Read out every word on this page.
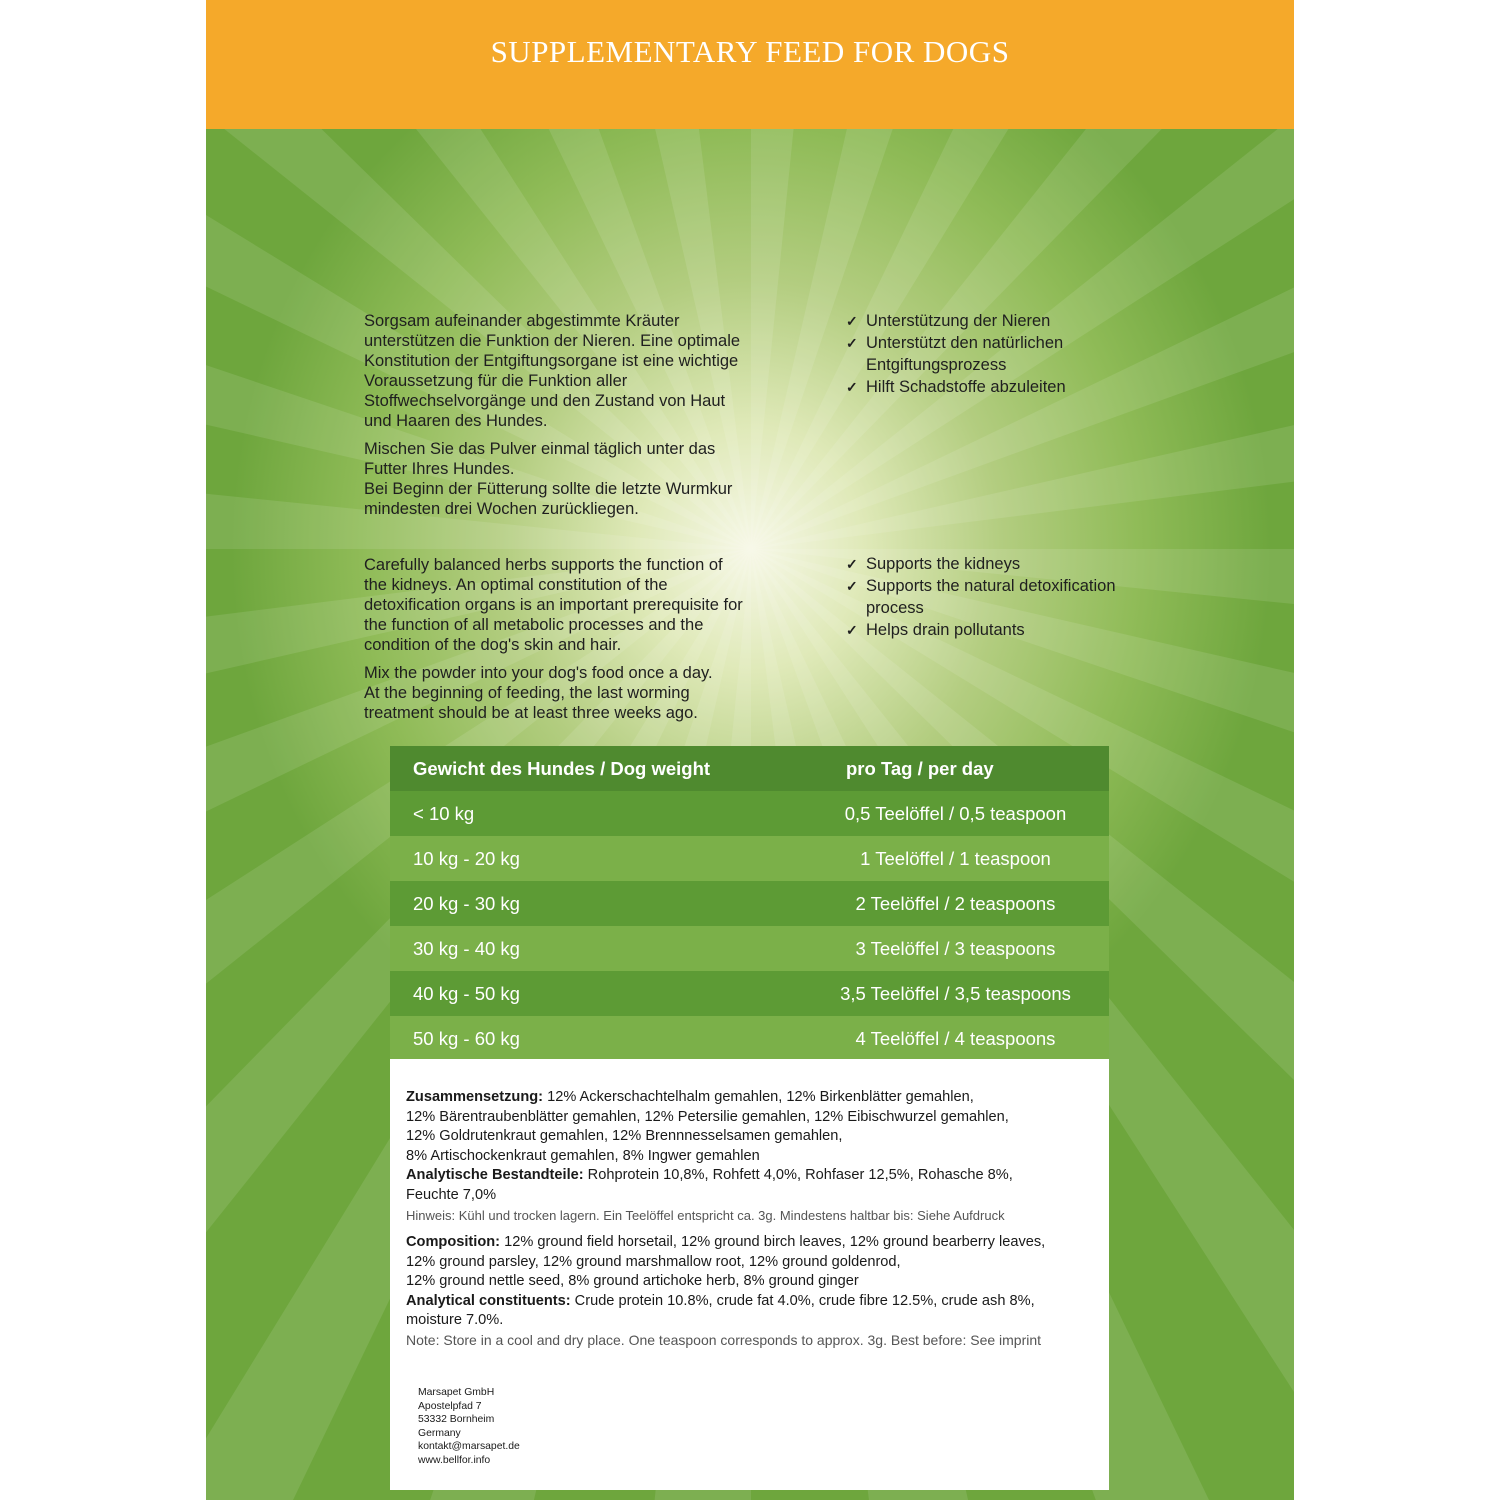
SUPPLEMENTARY FEED FOR DOGS

Sorgsam aufeinander abgestimmte Kräuter
unterstützen die Funktion der Nieren. Eine optimale
Konstitution der Entgiftungsorgane ist eine wichtige
Voraussetzung für die Funktion aller
Stoffwechselvorgänge und den Zustand von Haut
und Haaren des Hundes.

Mischen Sie das Pulver einmal täglich unter das
Futter Ihres Hundes.
Bei Beginn der Fütterung sollte die letzte Wurmkur
mindesten drei Wochen zurückliegen.

✓ Unterstützung der Nieren
✓ Unterstützt den natürlichen
Entgiftungsprozess
✓ Hilft Schadstoffe abzuleiten

Carefully balanced herbs supports the function of
the kidneys. An optimal constitution of the
detoxification organs is an important prerequisite for
the function of all metabolic processes and the
condition of the dog's skin and hair.

Mix the powder into your dog's food once a day.
At the beginning of feeding, the last worming
treatment should be at least three weeks ago.

✓ Supports the kidneys
✓ Supports the natural detoxification
process
✓ Helps drain pollutants
Gewicht des Hundes / Dog weight	pro Tag / per day
< 10 kg	0,5 Teelöffel / 0,5 teaspoon
10 kg - 20 kg	1 Teelöffel / 1 teaspoon
20 kg - 30 kg	2 Teelöffel / 2 teaspoons
30 kg - 40 kg	3 Teelöffel / 3 teaspoons
40 kg - 50 kg	3,5 Teelöffel / 3,5 teaspoons
50 kg - 60 kg	4 Teelöffel / 4 teaspoons
Zusammensetzung: 12% Ackerschachtelhalm gemahlen, 12% Birkenblätter gemahlen,
12% Bärentraubenblätter gemahlen, 12% Petersilie gemahlen, 12% Eibischwurzel gemahlen,
12% Goldrutenkraut gemahlen, 12% Brennnesselsamen gemahlen,
8% Artischockenkraut gemahlen, 8% Ingwer gemahlen
Analytische Bestandteile: Rohprotein 10,8%, Rohfett 4,0%, Rohfaser 12,5%, Rohasche 8%,
Feuchte 7,0%
Hinweis: Kühl und trocken lagern. Ein Teelöffel entspricht ca. 3g. Mindestens haltbar bis: Siehe Aufdruck
Composition: 12% ground field horsetail, 12% ground birch leaves, 12% ground bearberry leaves,
12% ground parsley, 12% ground marshmallow root, 12% ground goldenrod,
12% ground nettle seed, 8% ground artichoke herb, 8% ground ginger
Analytical constituents: Crude protein 10.8%, crude fat 4.0%, crude fibre 12.5%, crude ash 8%,
moisture 7.0%.
Note: Store in a cool and dry place. One teaspoon corresponds to approx. 3g. Best before: See imprint
Marsapet GmbH
Apostelpfad 7
53332 Bornheim
Germany
kontakt@marsapet.de
www.bellfor.info
